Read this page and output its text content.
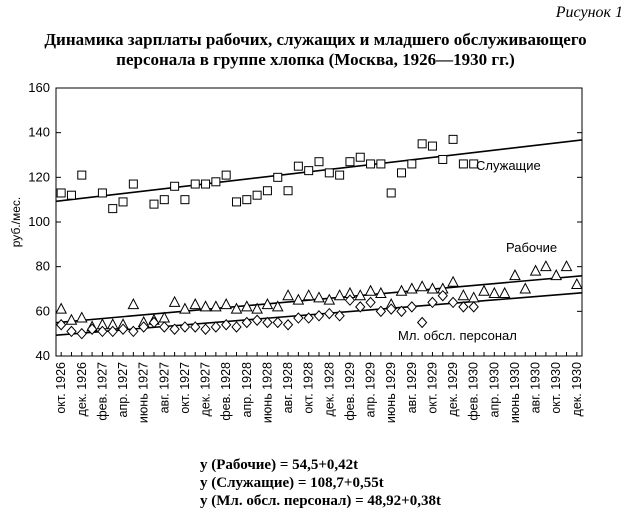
Рисунок 1
Динамика зарплаты рабочих, служащих и младшего обслуживающего
персонала в группе хлопка (Москва, 1926—1930 гг.)
40
60
80
100
120
140
160
руб./мес.
окт. 1926 дек. 1926 фев. 1927 апр. 1927 июнь 1927 авг. 1927 окт. 1927 дек. 1927 фев. 1928 апр. 1928 июнь 1928 авг. 1928 окт. 1928 дек. 1928 фев. 1929 апр. 1929 июнь 1929 авг. 1929 окт. 1929 дек. 1929 фев. 1930 апр. 1930 июнь 1930 авг. 1930 окт. 1930 дек. 1930
Служащие
Рабочие
Мл. обсл. персонал
y (Рабочие) = 54,5+0,42t
y (Служащие) = 108,7+0,55t
y (Мл. обсл. персонал) = 48,92+0,38t
